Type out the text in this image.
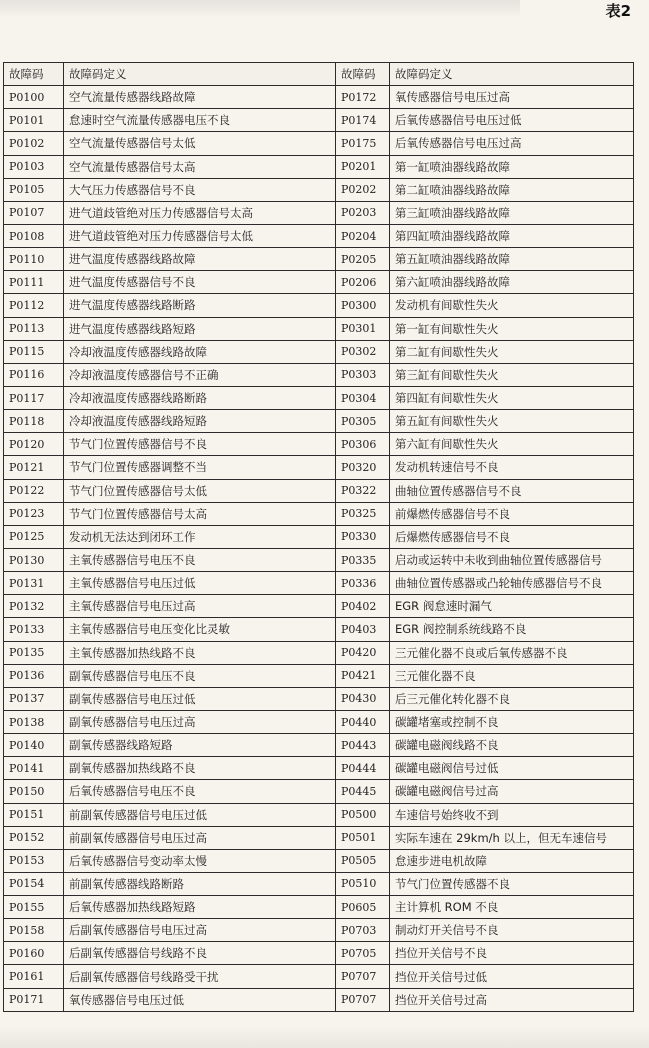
表2
故障码	故障码定义	故障码	故障码定义
P0100	空气流量传感器线路故障	P0172	氧传感器信号电压过高
P0101	怠速时空气流量传感器电压不良	P0174	后氧传感器信号电压过低
P0102	空气流量传感器信号太低	P0175	后氧传感器信号电压过高
P0103	空气流量传感器信号太高	P0201	第一缸喷油器线路故障
P0105	大气压力传感器信号不良	P0202	第二缸喷油器线路故障
P0107	进气道歧管绝对压力传感器信号太高	P0203	第三缸喷油器线路故障
P0108	进气道歧管绝对压力传感器信号太低	P0204	第四缸喷油器线路故障
P0110	进气温度传感器线路故障	P0205	第五缸喷油器线路故障
P0111	进气温度传感器信号不良	P0206	第六缸喷油器线路故障
P0112	进气温度传感器线路断路	P0300	发动机有间歇性失火
P0113	进气温度传感器线路短路	P0301	第一缸有间歇性失火
P0115	冷却液温度传感器线路故障	P0302	第二缸有间歇性失火
P0116	冷却液温度传感器信号不正确	P0303	第三缸有间歇性失火
P0117	冷却液温度传感器线路断路	P0304	第四缸有间歇性失火
P0118	冷却液温度传感器线路短路	P0305	第五缸有间歇性失火
P0120	节气门位置传感器信号不良	P0306	第六缸有间歇性失火
P0121	节气门位置传感器调整不当	P0320	发动机转速信号不良
P0122	节气门位置传感器信号太低	P0322	曲轴位置传感器信号不良
P0123	节气门位置传感器信号太高	P0325	前爆燃传感器信号不良
P0125	发动机无法达到闭环工作	P0330	后爆燃传感器信号不良
P0130	主氧传感器信号电压不良	P0335	启动或运转中未收到曲轴位置传感器信号
P0131	主氧传感器信号电压过低	P0336	曲轴位置传感器或凸轮轴传感器信号不良
P0132	主氧传感器信号电压过高	P0402	EGR 阀怠速时漏气
P0133	主氧传感器信号电压变化比灵敏	P0403	EGR 阀控制系统线路不良
P0135	主氧传感器加热线路不良	P0420	三元催化器不良或后氧传感器不良
P0136	副氧传感器信号电压不良	P0421	三元催化器不良
P0137	副氧传感器信号电压过低	P0430	后三元催化转化器不良
P0138	副氧传感器信号电压过高	P0440	碳罐堵塞或控制不良
P0140	副氧传感器线路短路	P0443	碳罐电磁阀线路不良
P0141	副氧传感器加热线路不良	P0444	碳罐电磁阀信号过低
P0150	后氧传感器信号电压不良	P0445	碳罐电磁阀信号过高
P0151	前副氧传感器信号电压过低	P0500	车速信号始终收不到
P0152	前副氧传感器信号电压过高	P0501	实际车速在 29km/h 以上，但无车速信号
P0153	后氧传感器信号变动率太慢	P0505	怠速步进电机故障
P0154	前副氧传感器线路断路	P0510	节气门位置传感器不良
P0155	后氧传感器加热线路短路	P0605	主计算机 ROM 不良
P0158	后副氧传感器信号电压过高	P0703	制动灯开关信号不良
P0160	后副氧传感器信号线路不良	P0705	挡位开关信号不良
P0161	后副氧传感器信号线路受干扰	P0707	挡位开关信号过低
P0171	氧传感器信号电压过低	P0707	挡位开关信号过高
